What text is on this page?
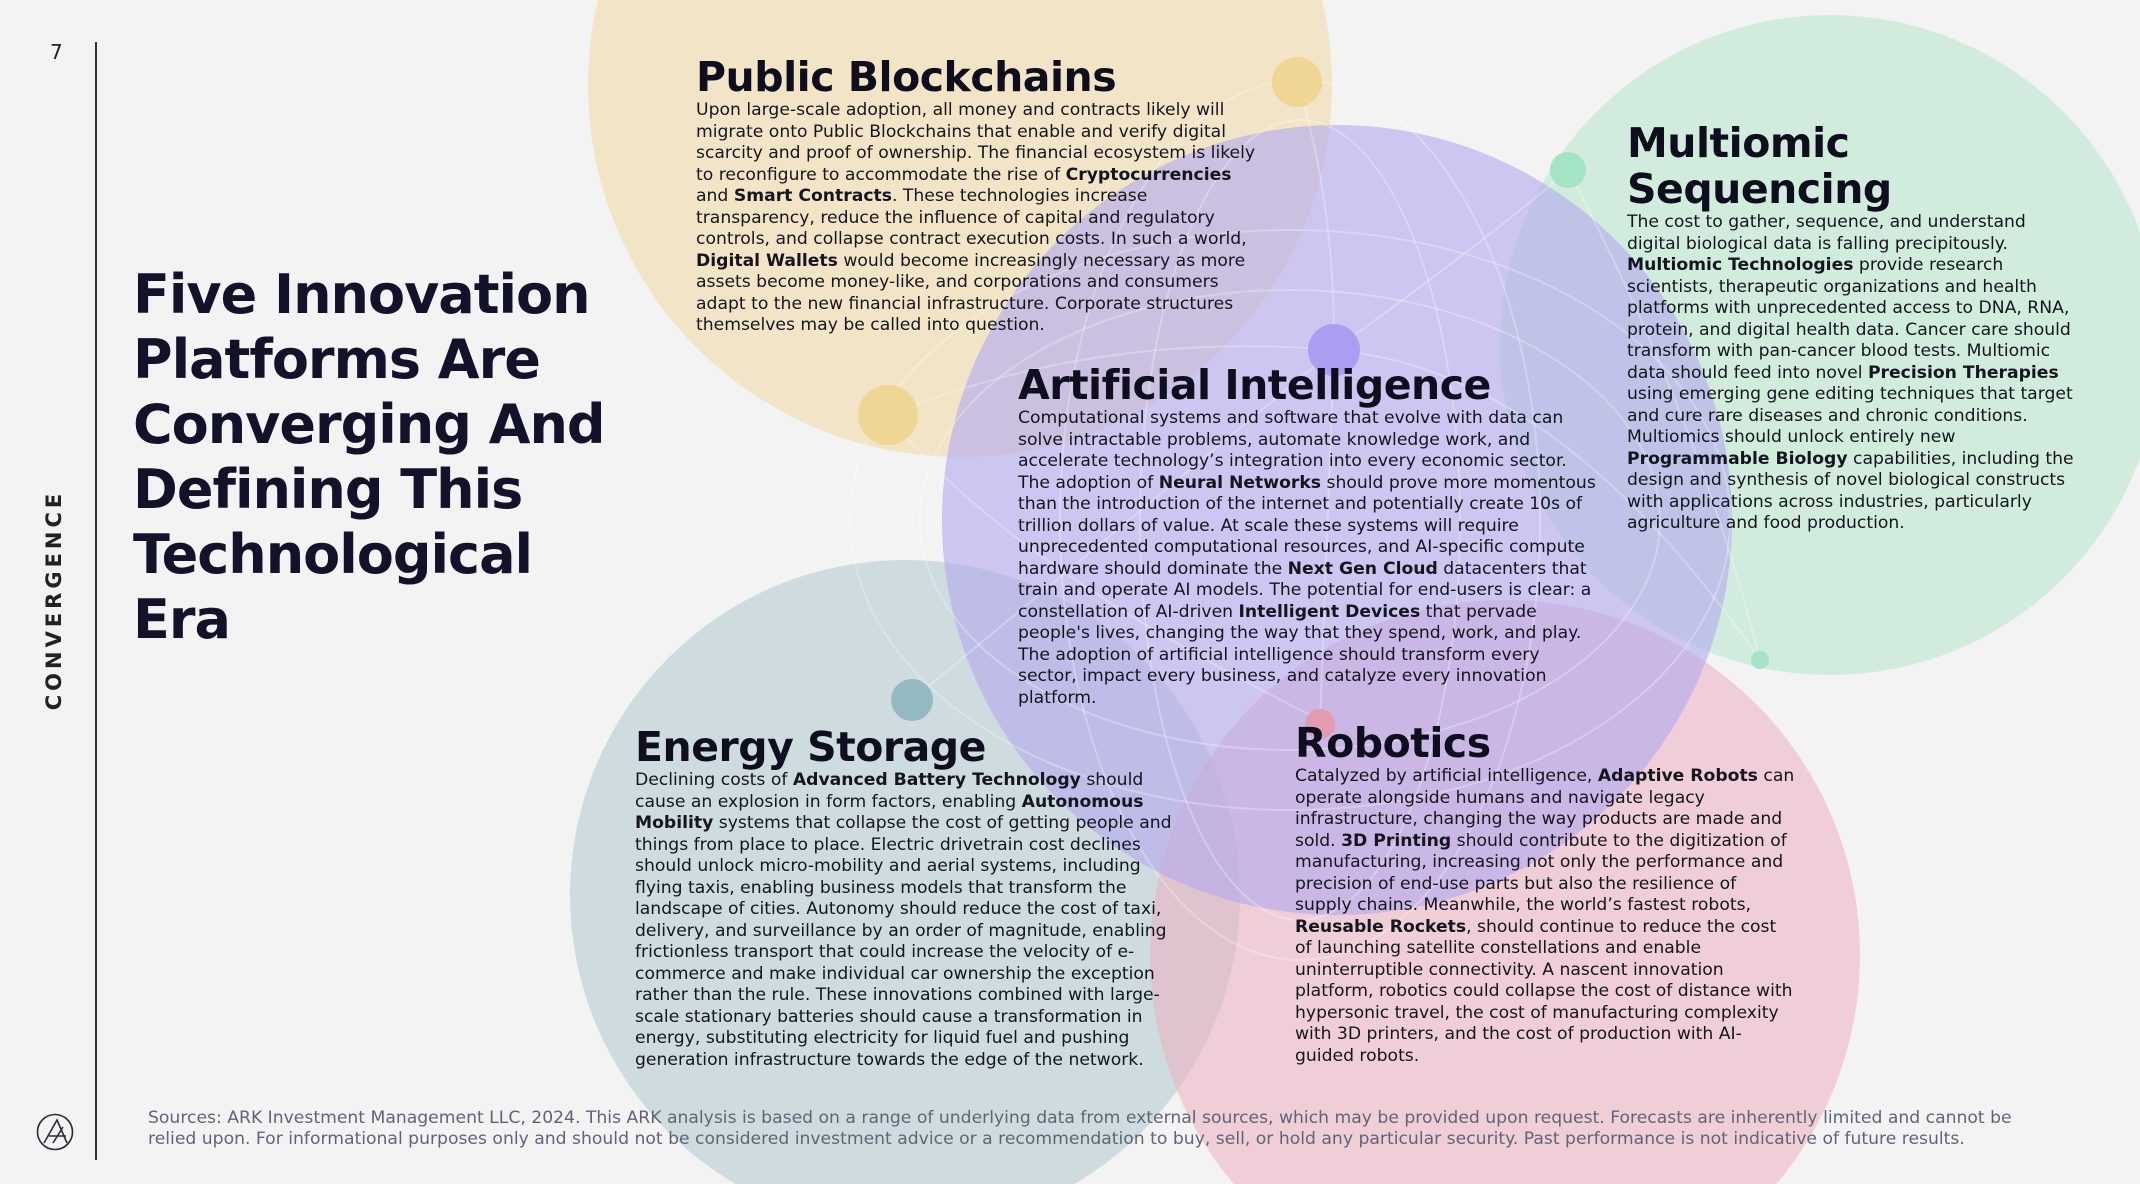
7
CONVERGENCE
Five Innovation Platforms Are Converging And Defining This Technological Era
Public Blockchains

Upon large-scale adoption, all money and contracts likely will migrate onto Public Blockchains that enable and verify digital scarcity and proof of ownership. The financial ecosystem is likely to reconfigure to accommodate the rise of Cryptocurrencies and Smart Contracts. These technologies increase transparency, reduce the influence of capital and regulatory controls, and collapse contract execution costs. In such a world, Digital Wallets would become increasingly necessary as more assets become money-like, and corporations and consumers adapt to the new financial infrastructure. Corporate structures themselves may be called into question.

Multiomic Sequencing

The cost to gather, sequence, and understand digital biological data is falling precipitously. Multiomic Technologies provide research scientists, therapeutic organizations and health platforms with unprecedented access to DNA, RNA, protein, and digital health data. Cancer care should transform with pan-cancer blood tests. Multiomic data should feed into novel Precision Therapies using emerging gene editing techniques that target and cure rare diseases and chronic conditions. Multiomics should unlock entirely new Programmable Biology capabilities, including the design and synthesis of novel biological constructs with applications across industries, particularly agriculture and food production.

Artificial Intelligence

Computational systems and software that evolve with data can solve intractable problems, automate knowledge work, and accelerate technology’s integration into every economic sector. The adoption of Neural Networks should prove more momentous than the introduction of the internet and potentially create 10s of trillion dollars of value. At scale these systems will require unprecedented computational resources, and AI-specific compute hardware should dominate the Next Gen Cloud datacenters that train and operate AI models. The potential for end-users is clear: a constellation of AI-driven Intelligent Devices that pervade people's lives, changing the way that they spend, work, and play. The adoption of artificial intelligence should transform every sector, impact every business, and catalyze every innovation platform.

Energy Storage

Declining costs of Advanced Battery Technology should cause an explosion in form factors, enabling Autonomous Mobility systems that collapse the cost of getting people and things from place to place. Electric drivetrain cost declines should unlock micro-mobility and aerial systems, including flying taxis, enabling business models that transform the landscape of cities. Autonomy should reduce the cost of taxi, delivery, and surveillance by an order of magnitude, enabling frictionless transport that could increase the velocity of e-commerce and make individual car ownership the exception rather than the rule. These innovations combined with large-scale stationary batteries should cause a transformation in energy, substituting electricity for liquid fuel and pushing generation infrastructure towards the edge of the network.

Robotics

Catalyzed by artificial intelligence, Adaptive Robots can operate alongside humans and navigate legacy infrastructure, changing the way products are made and sold. 3D Printing should contribute to the digitization of manufacturing, increasing not only the performance and precision of end-use parts but also the resilience of supply chains. Meanwhile, the world’s fastest robots, Reusable Rockets, should continue to reduce the cost of launching satellite constellations and enable uninterruptible connectivity. A nascent innovation platform, robotics could collapse the cost of distance with hypersonic travel, the cost of manufacturing complexity with 3D printers, and the cost of production with AI-guided robots.

Sources: ARK Investment Management LLC, 2024. This ARK analysis is based on a range of underlying data from external sources, which may be provided upon request. Forecasts are inherently limited and cannot be relied upon. For informational purposes only and should not be considered investment advice or a recommendation to buy, sell, or hold any particular security. Past performance is not indicative of future results.
